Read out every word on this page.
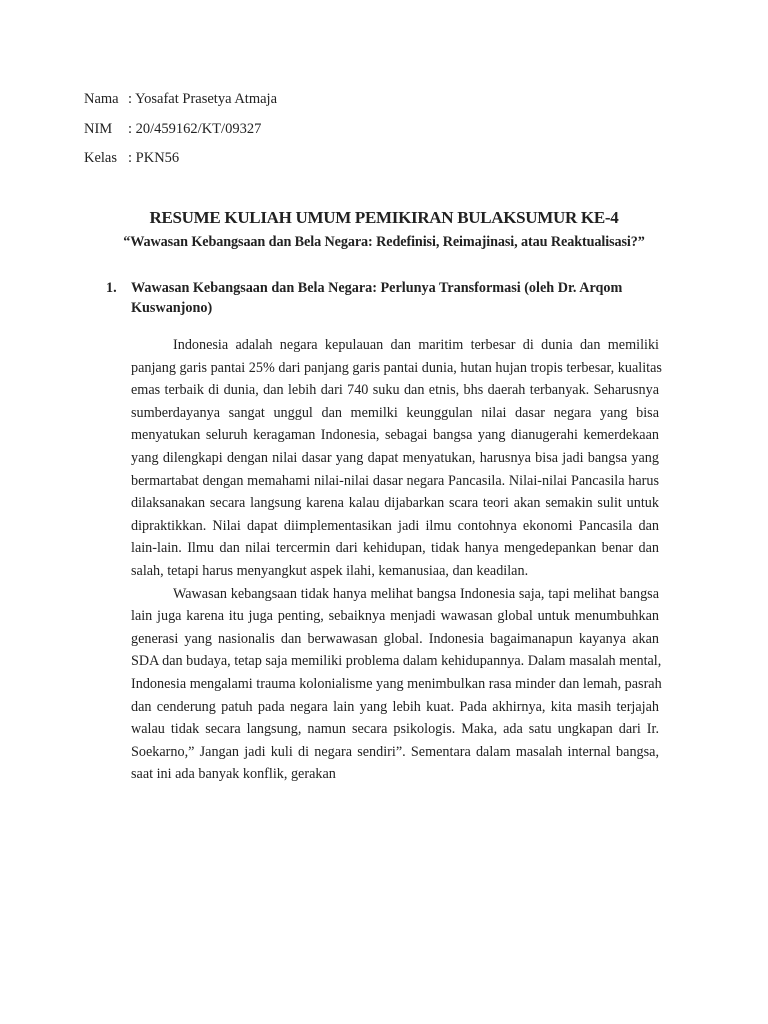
Nama : Yosafat Prasetya Atmaja
NIM	: 20/459162/KT/09327
Kelas : PKN56
RESUME KULIAH UMUM PEMIKIRAN BULAKSUMUR KE-4
“Wawasan Kebangsaan dan Bela Negara: Redefinisi, Reimajinasi, atau Reaktualisasi?”
1.	Wawasan Kebangsaan dan Bela Negara: Perlunya Transformasi (oleh Dr. Arqom Kuswanjono)
Indonesia adalah negara kepulauan dan maritim terbesar di dunia dan memiliki
panjang garis pantai 25% dari panjang garis pantai dunia, hutan hujan tropis terbesar, kualitas
emas terbaik di dunia, dan lebih dari 740 suku dan etnis, bhs daerah terbanyak. Seharusnya
sumberdayanya sangat unggul dan memilki keunggulan nilai dasar negara yang bisa
menyatukan seluruh keragaman Indonesia, sebagai bangsa yang dianugerahi kemerdekaan
yang dilengkapi dengan nilai dasar yang dapat menyatukan, harusnya bisa jadi bangsa yang
bermartabat dengan memahami nilai-nilai dasar negara Pancasila. Nilai-nilai Pancasila harus
dilaksanakan secara langsung karena kalau dijabarkan scara teori akan semakin sulit untuk
dipraktikkan. Nilai dapat diimplementasikan jadi ilmu contohnya ekonomi Pancasila dan
lain-lain. Ilmu dan nilai tercermin dari kehidupan, tidak hanya mengedepankan benar dan
salah, tetapi harus menyangkut aspek ilahi, kemanusiaa, dan keadilan.
Wawasan kebangsaan tidak hanya melihat bangsa Indonesia saja, tapi melihat bangsa
lain juga karena itu juga penting, sebaiknya menjadi wawasan global untuk menumbuhkan
generasi yang nasionalis dan berwawasan global. Indonesia bagaimanapun kayanya akan
SDA dan budaya, tetap saja memiliki problema dalam kehidupannya. Dalam masalah mental,
Indonesia mengalami trauma kolonialisme yang menimbulkan rasa minder dan lemah, pasrah
dan cenderung patuh pada negara lain yang lebih kuat. Pada akhirnya, kita masih terjajah
walau tidak secara langsung, namun secara psikologis. Maka, ada satu ungkapan dari Ir.
Soekarno,” Jangan jadi kuli di negara sendiri”. Sementara dalam masalah internal bangsa,
saat ini ada banyak konflik, gerakan
